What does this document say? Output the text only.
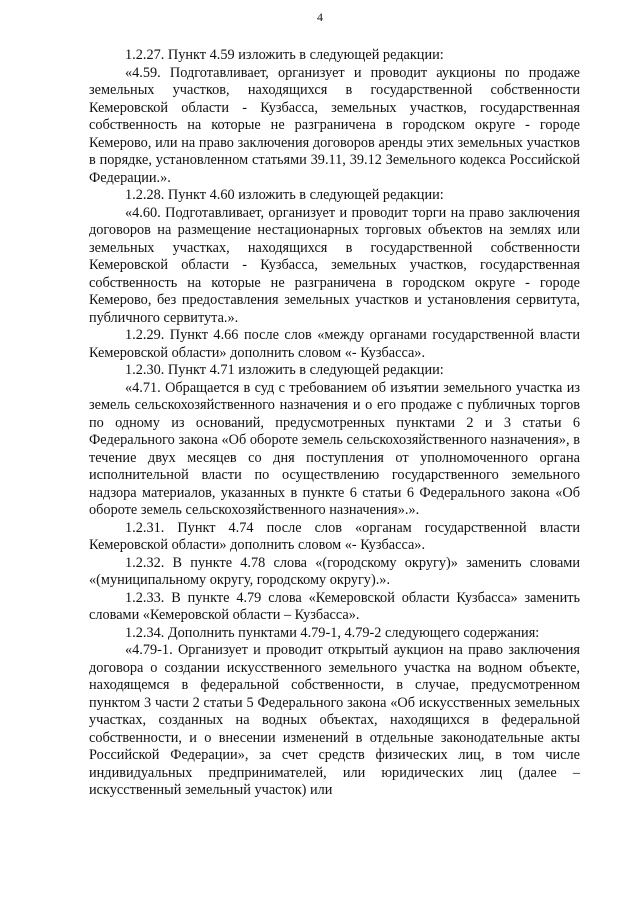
4

1.2.27. Пункт 4.59 изложить в следующей редакции:

«4.59. Подготавливает, организует и проводит аукционы по продаже земельных участков, находящихся в государственной собственности Кемеровской области - Кузбасса, земельных участков, государственная собственность на которые не разграничена в городском округе - городе Кемерово, или на право заключения договоров аренды этих земельных участков в порядке, установленном статьями 39.11, 39.12 Земельного кодекса Российской Федерации.».

1.2.28. Пункт 4.60 изложить в следующей редакции:

«4.60. Подготавливает, организует и проводит торги на право заключения договоров на размещение нестационарных торговых объектов на землях или земельных участках, находящихся в государственной собственности Кемеровской области - Кузбасса, земельных участков, государственная собственность на которые не разграничена в городском округе - городе Кемерово, без предоставления земельных участков и установления сервитута, публичного сервитута.».

1.2.29. Пункт 4.66 после слов «между органами государственной власти Кемеровской области» дополнить словом «- Кузбасса».

1.2.30. Пункт 4.71 изложить в следующей редакции:

«4.71. Обращается в суд с требованием об изъятии земельного участка из земель сельскохозяйственного назначения и о его продаже с публичных торгов по одному из оснований, предусмотренных пунктами 2 и 3 статьи 6 Федерального закона «Об обороте земель сельскохозяйственного назначения», в течение двух месяцев со дня поступления от уполномоченного органа исполнительной власти по осуществлению государственного земельного надзора материалов, указанных в пункте 6 статьи 6 Федерального закона «Об обороте земель сельскохозяйственного назначения».».

1.2.31. Пункт 4.74 после слов «органам государственной власти Кемеровской области» дополнить словом «- Кузбасса».

1.2.32. В пункте 4.78 слова «(городскому округу)» заменить словами «(муниципальному округу, городскому округу).».

1.2.33. В пункте 4.79 слова «Кемеровской области Кузбасса» заменить словами «Кемеровской области – Кузбасса».

1.2.34. Дополнить пунктами 4.79-1, 4.79-2 следующего содержания:

«4.79-1. Организует и проводит открытый аукцион на право заключения договора о создании искусственного земельного участка на водном объекте, находящемся в федеральной собственности, в случае, предусмотренном пунктом 3 части 2 статьи 5 Федерального закона «Об искусственных земельных участках, созданных на водных объектах, находящихся в федеральной собственности, и о внесении изменений в отдельные законодательные акты Российской Федерации», за счет средств физических лиц, в том числе индивидуальных предпринимателей, или юридических лиц (далее – искусственный земельный участок) или
